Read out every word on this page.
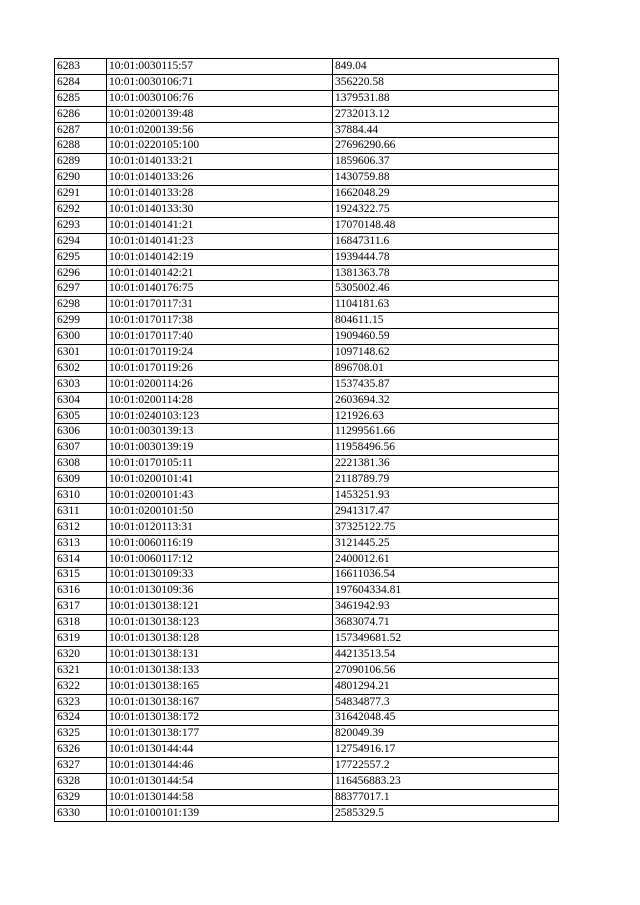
6283	10:01:0030115:57	849.04
6284	10:01:0030106:71	356220.58
6285	10:01:0030106:76	1379531.88
6286	10:01:0200139:48	2732013.12
6287	10:01:0200139:56	37884.44
6288	10:01:0220105:100	27696290.66
6289	10:01:0140133:21	1859606.37
6290	10:01:0140133:26	1430759.88
6291	10:01:0140133:28	1662048.29
6292	10:01:0140133:30	1924322.75
6293	10:01:0140141:21	17070148.48
6294	10:01:0140141:23	16847311.6
6295	10:01:0140142:19	1939444.78
6296	10:01:0140142:21	1381363.78
6297	10:01:0140176:75	5305002.46
6298	10:01:0170117:31	1104181.63
6299	10:01:0170117:38	804611.15
6300	10:01:0170117:40	1909460.59
6301	10:01:0170119:24	1097148.62
6302	10:01:0170119:26	896708.01
6303	10:01:0200114:26	1537435.87
6304	10:01:0200114:28	2603694.32
6305	10:01:0240103:123	121926.63
6306	10:01:0030139:13	11299561.66
6307	10:01:0030139:19	11958496.56
6308	10:01:0170105:11	2221381.36
6309	10:01:0200101:41	2118789.79
6310	10:01:0200101:43	1453251.93
6311	10:01:0200101:50	2941317.47
6312	10:01:0120113:31	37325122.75
6313	10:01:0060116:19	3121445.25
6314	10:01:0060117:12	2400012.61
6315	10:01:0130109:33	16611036.54
6316	10:01:0130109:36	197604334.81
6317	10:01:0130138:121	3461942.93
6318	10:01:0130138:123	3683074.71
6319	10:01:0130138:128	157349681.52
6320	10:01:0130138:131	44213513.54
6321	10:01:0130138:133	27090106.56
6322	10:01:0130138:165	4801294.21
6323	10:01:0130138:167	54834877.3
6324	10:01:0130138:172	31642048.45
6325	10:01:0130138:177	820049.39
6326	10:01:0130144:44	12754916.17
6327	10:01:0130144:46	17722557.2
6328	10:01:0130144:54	116456883.23
6329	10:01:0130144:58	88377017.1
6330	10:01:0100101:139	2585329.5
